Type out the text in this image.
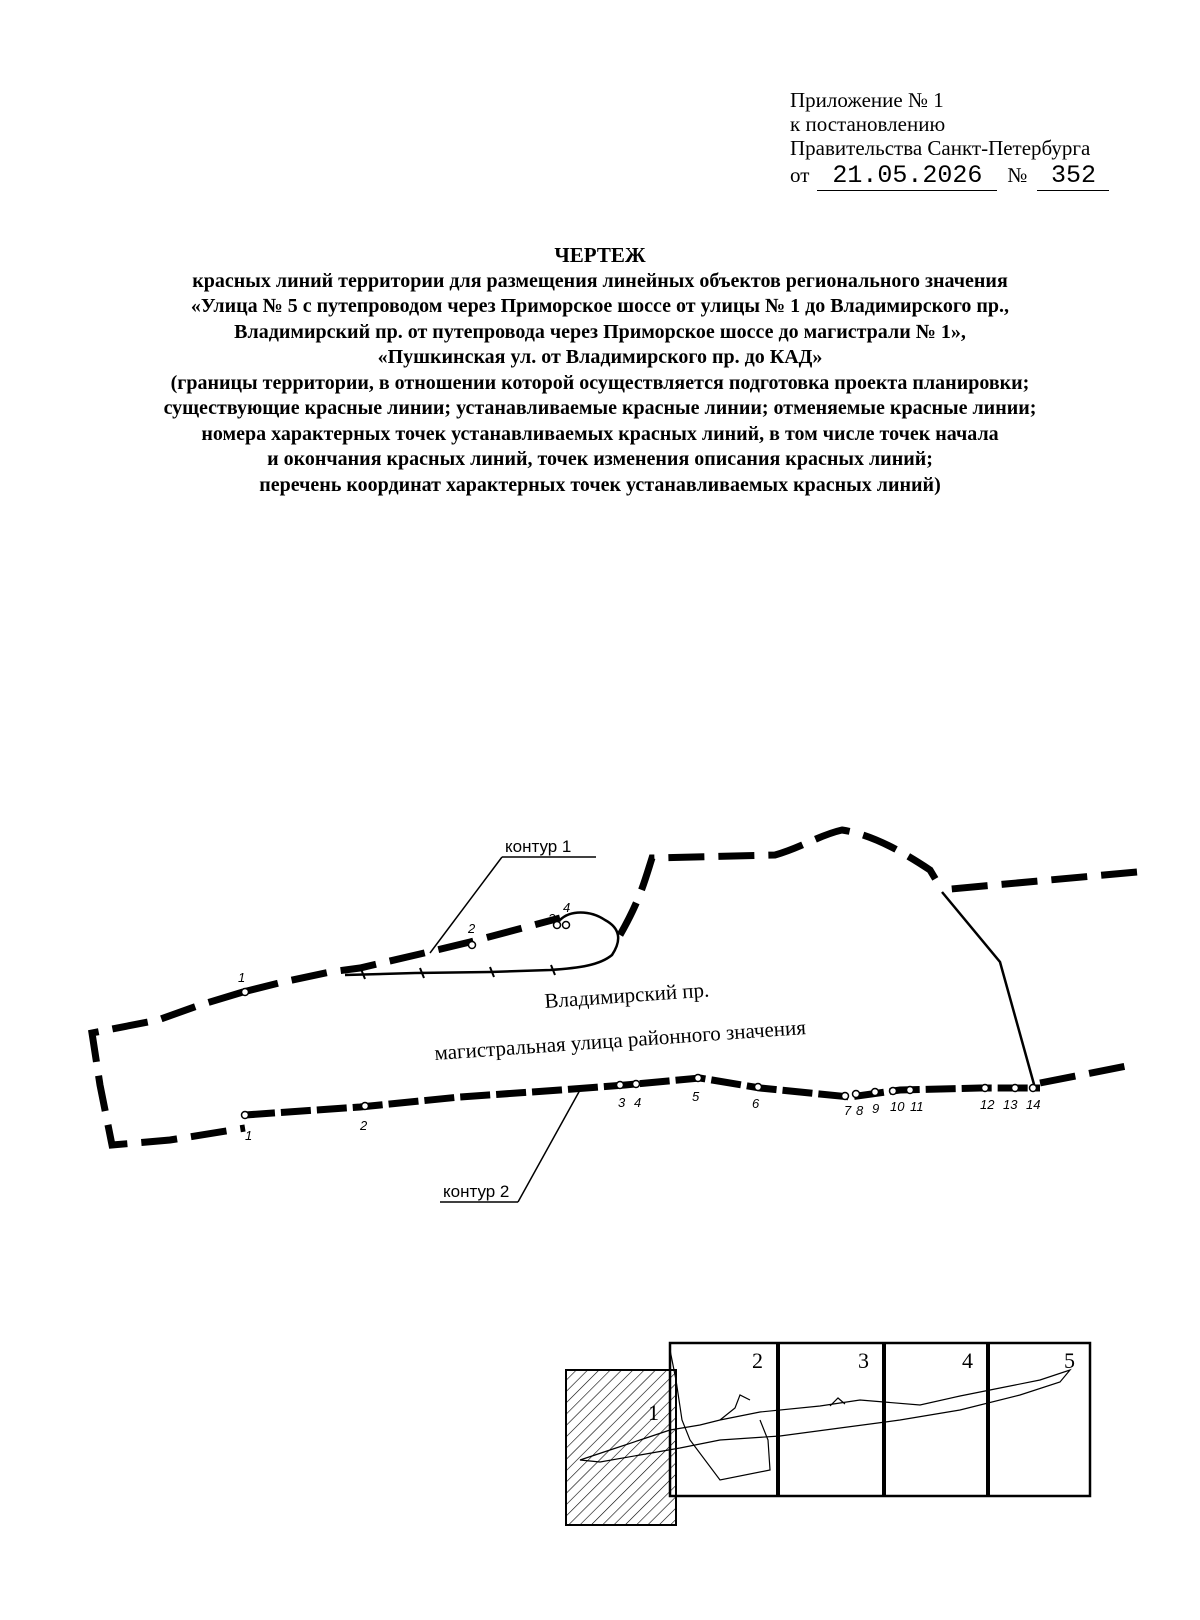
Приложение № 1
к постановлению
Правительства Санкт-Петербурга
от 21.05.2026 № 352
ЧЕРТЕЖ
красных линий территории для размещения линейных объектов регионального значения
«Улица № 5 с путепроводом через Приморское шоссе от улицы № 1 до Владимирского пр.,
Владимирский пр. от путепровода через Приморское шоссе до магистрали № 1»,
«Пушкинская ул. от Владимирского пр. до КАД»
(границы территории, в отношении которой осуществляется подготовка проекта планировки;
существующие красные линии; устанавливаемые красные линии; отменяемые красные линии;
номера характерных точек устанавливаемых красных линий, в том числе точек начала
и окончания красных линий, точек изменения описания красных линий;
перечень координат характерных точек устанавливаемых красных линий)
1
2
3
4
1
2
3 4	5	6	7 8 9 10 11	12 13 14
контур 1
контур 2
Владимирский пр.
магистральная улица районного значения
1
2	3	4	5
